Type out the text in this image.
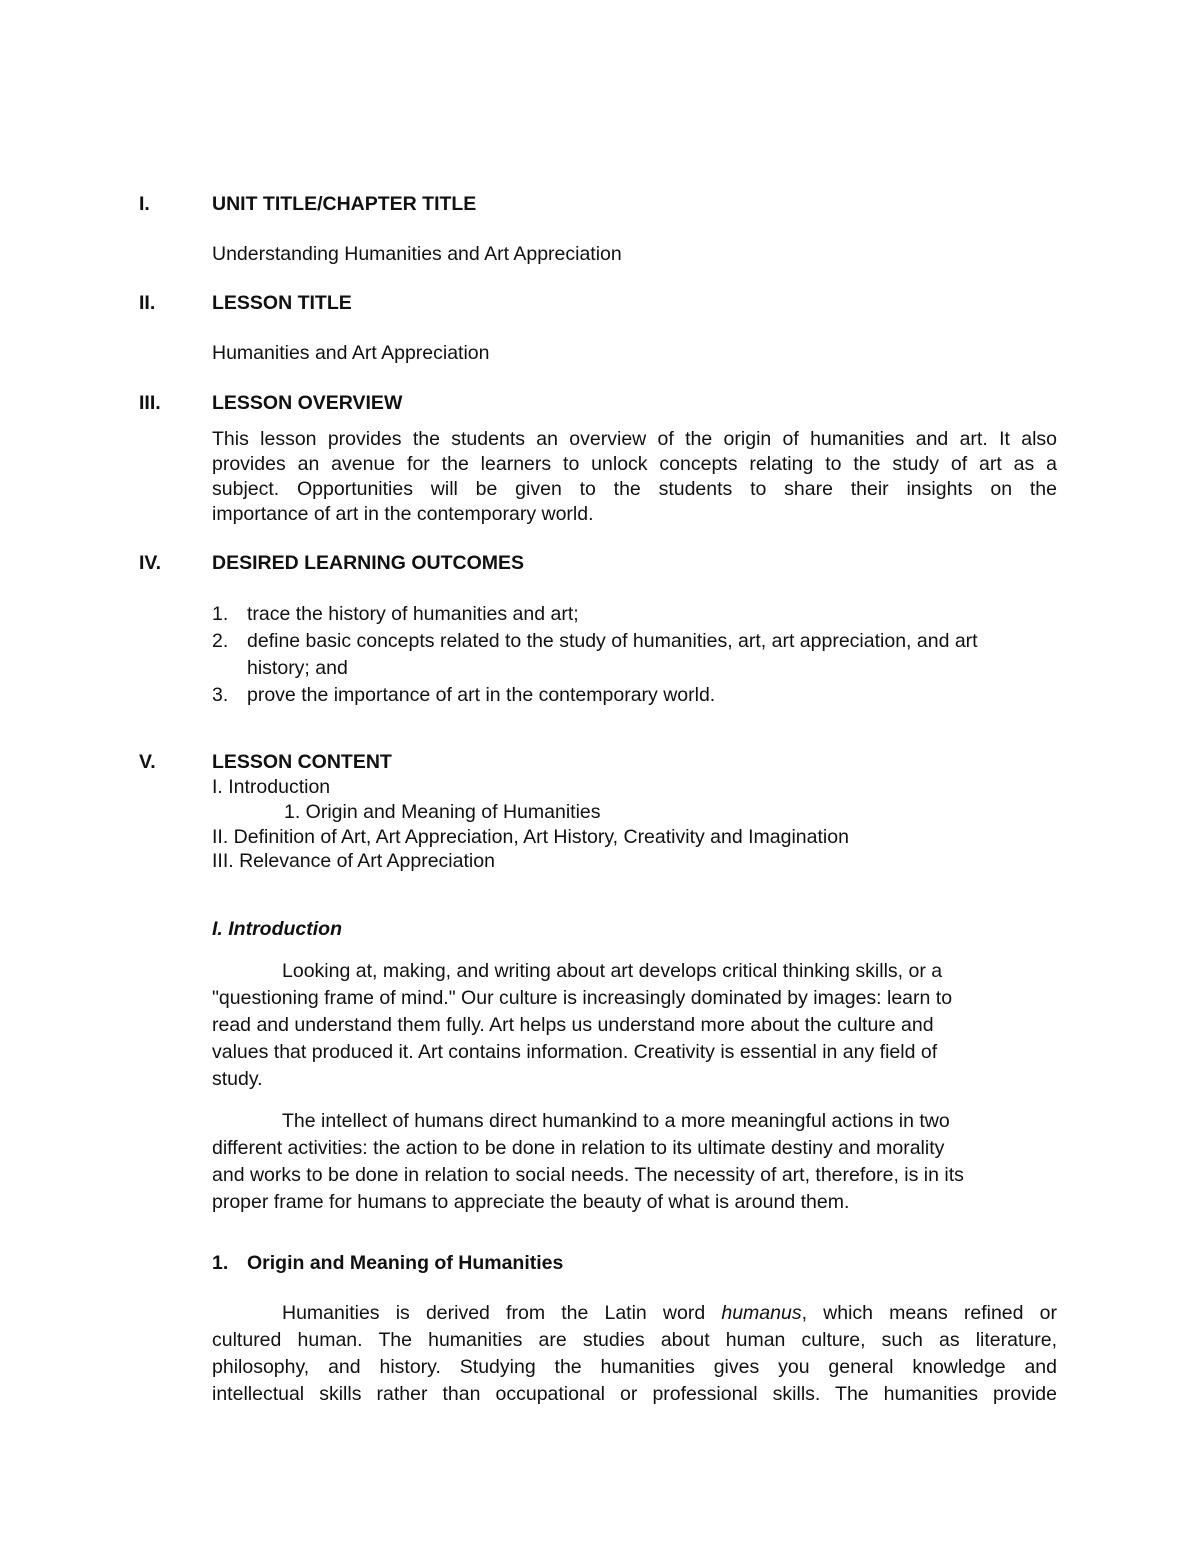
I.	UNIT TITLE/CHAPTER TITLE
Understanding Humanities and Art Appreciation
II.	LESSON TITLE
Humanities and Art Appreciation
III.	LESSON OVERVIEW
This lesson provides the students an overview of the origin of humanities and art. It also
provides an avenue for the learners to unlock concepts relating to the study of art as a
subject. Opportunities will be given to the students to share their insights on the
importance of art in the contemporary world.
IV.	DESIRED LEARNING OUTCOMES
1. trace the history of humanities and art;
2. define basic concepts related to the study of humanities, art, art appreciation, and art
history; and
3. prove the importance of art in the contemporary world.
V.	LESSON CONTENT
I. Introduction
1. Origin and Meaning of Humanities
II. Definition of Art, Art Appreciation, Art History, Creativity and Imagination
III. Relevance of Art Appreciation
I. Introduction
Looking at, making, and writing about art develops critical thinking skills, or a
"questioning frame of mind." Our culture is increasingly dominated by images: learn to
read and understand them fully. Art helps us understand more about the culture and
values that produced it. Art contains information. Creativity is essential in any field of
study.
The intellect of humans direct humankind to a more meaningful actions in two
different activities: the action to be done in relation to its ultimate destiny and morality
and works to be done in relation to social needs. The necessity of art, therefore, is in its
proper frame for humans to appreciate the beauty of what is around them.
1. Origin and Meaning of Humanities
Humanities is derived from the Latin word humanus, which means refined or
cultured human. The humanities are studies about human culture, such as literature,
philosophy, and history. Studying the humanities gives you general knowledge and
intellectual skills rather than occupational or professional skills. The humanities provide
